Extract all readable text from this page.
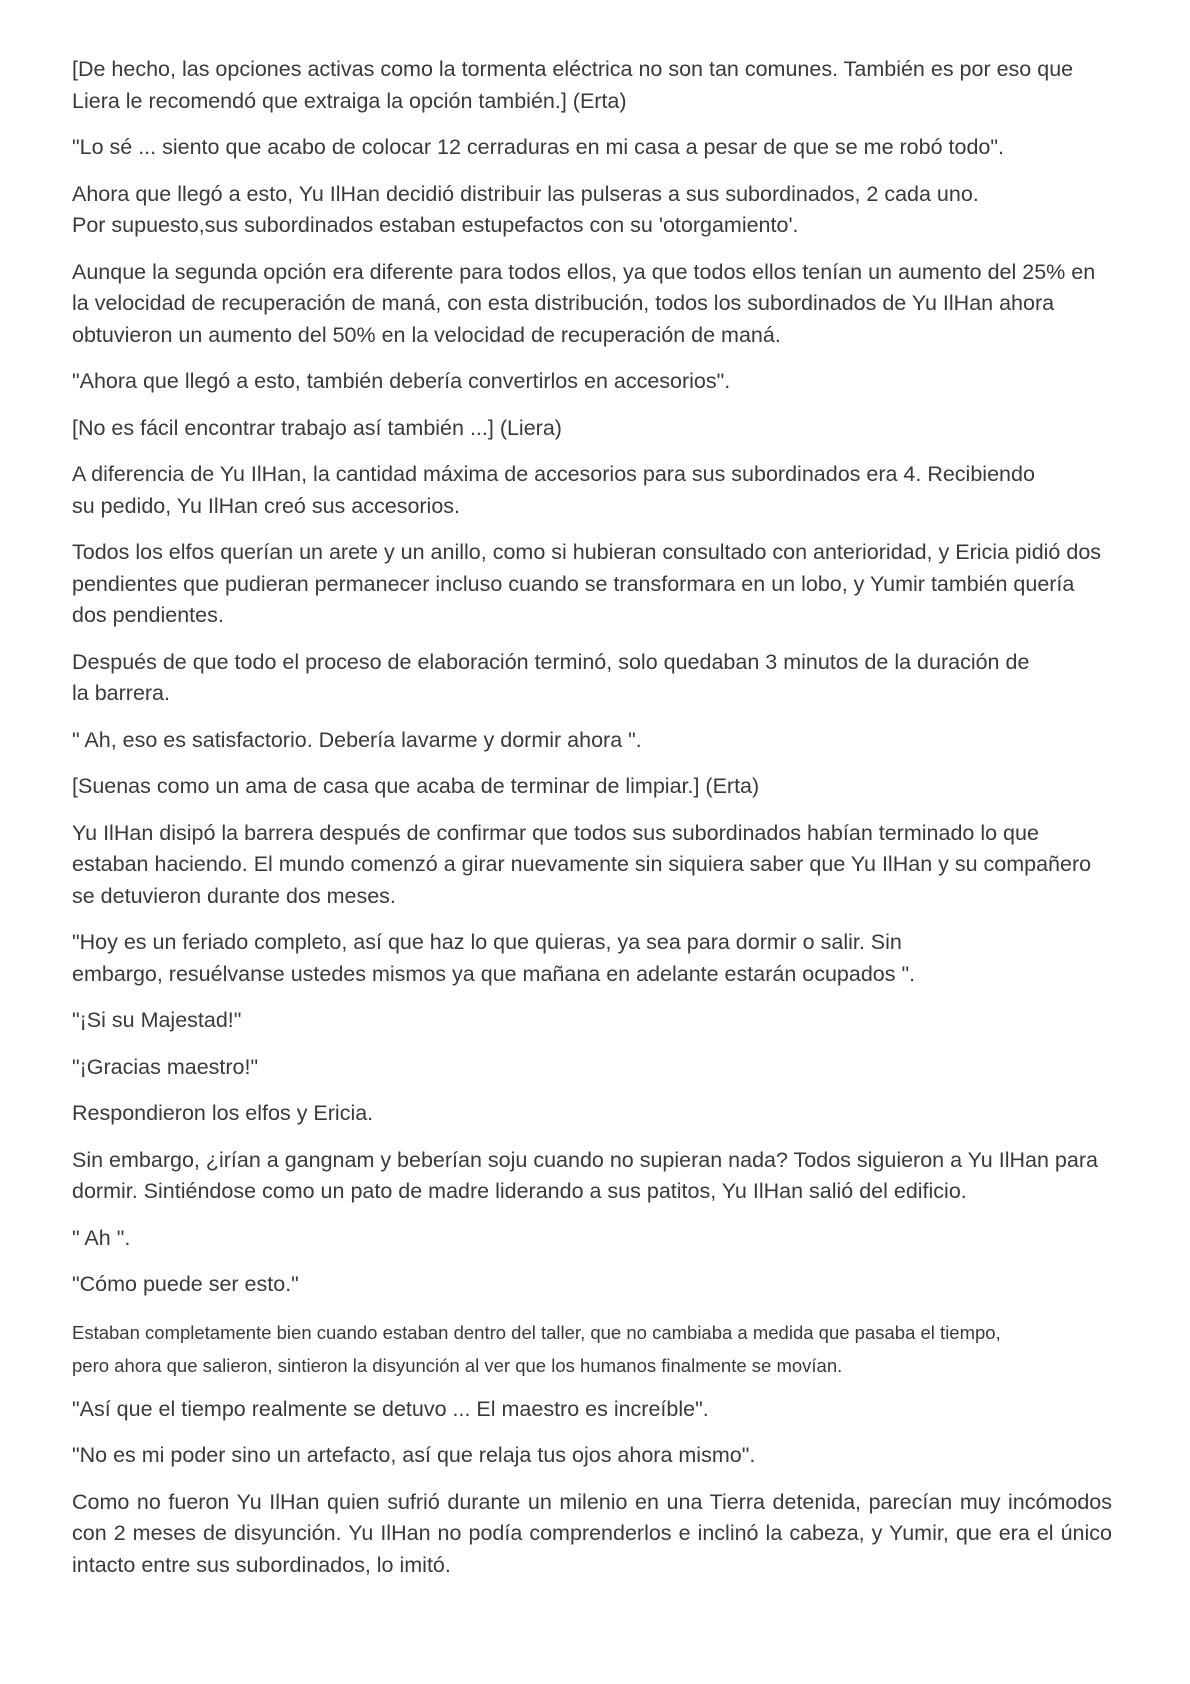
[De hecho, las opciones activas como la tormenta eléctrica no son tan comunes. También es por eso que Liera le recomendó que extraiga la opción también.] (Erta)

"Lo sé ... siento que acabo de colocar 12 cerraduras en mi casa a pesar de que se me robó todo".

Ahora que llegó a esto, Yu IlHan decidió distribuir las pulseras a sus subordinados, 2 cada uno.
Por supuesto,sus subordinados estaban estupefactos con su 'otorgamiento'.

Aunque la segunda opción era diferente para todos ellos, ya que todos ellos tenían un aumento del 25% en la velocidad de recuperación de maná, con esta distribución, todos los subordinados de Yu IlHan ahora obtuvieron un aumento del 50% en la velocidad de recuperación de maná.

"Ahora que llegó a esto, también debería convertirlos en accesorios".

[No es fácil encontrar trabajo así también ...] (Liera)

A diferencia de Yu IlHan, la cantidad máxima de accesorios para sus subordinados era 4. Recibiendo
su pedido, Yu IlHan creó sus accesorios.

Todos los elfos querían un arete y un anillo, como si hubieran consultado con anterioridad, y Ericia pidió dos pendientes que pudieran permanecer incluso cuando se transformara en un lobo, y Yumir también quería dos pendientes.

Después de que todo el proceso de elaboración terminó, solo quedaban 3 minutos de la duración de
la barrera.

" Ah, eso es satisfactorio. Debería lavarme y dormir ahora ".

[Suenas como un ama de casa que acaba de terminar de limpiar.] (Erta)

Yu IlHan disipó la barrera después de confirmar que todos sus subordinados habían terminado lo que estaban haciendo. El mundo comenzó a girar nuevamente sin siquiera saber que Yu IlHan y su compañero se detuvieron durante dos meses.

"Hoy es un feriado completo, así que haz lo que quieras, ya sea para dormir o salir. Sin
embargo, resuélvanse ustedes mismos ya que mañana en adelante estarán ocupados ".

"¡Si su Majestad!"

"¡Gracias maestro!"

Respondieron los elfos y Ericia.

Sin embargo, ¿irían a gangnam y beberían soju cuando no supieran nada? Todos siguieron a Yu IlHan para dormir. Sintiéndose como un pato de madre liderando a sus patitos, Yu IlHan salió del edificio.

" Ah ".

"Cómo puede ser esto."

Estaban completamente bien cuando estaban dentro del taller, que no cambiaba a medida que pasaba el tiempo,
pero ahora que salieron, sintieron la disyunción al ver que los humanos finalmente se movían.

"Así que el tiempo realmente se detuvo ... El maestro es increíble".

"No es mi poder sino un artefacto, así que relaja tus ojos ahora mismo".

Como no fueron Yu IlHan quien sufrió durante un milenio en una Tierra detenida, parecían muy incómodos con 2 meses de disyunción. Yu IlHan no podía comprenderlos e inclinó la cabeza, y Yumir, que era el único intacto entre sus subordinados, lo imitó.
